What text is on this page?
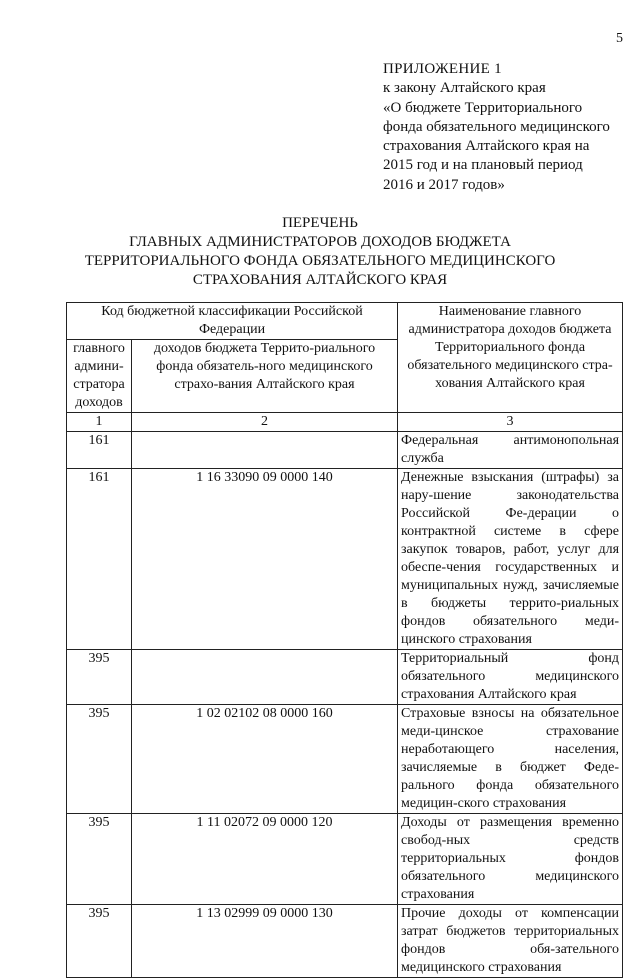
5
ПРИЛОЖЕНИЕ 1
к закону Алтайского края
«О бюджете Территориального
фонда обязательного медицинского
страхования Алтайского края на
2015 год и на плановый период
2016 и 2017 годов»
ПЕРЕЧЕНЬ
ГЛАВНЫХ АДМИНИСТРАТОРОВ ДОХОДОВ БЮДЖЕТА
ТЕРРИТОРИАЛЬНОГО ФОНДА ОБЯЗАТЕЛЬНОГО МЕДИЦИНСКОГО
СТРАХОВАНИЯ АЛТАЙСКОГО КРАЯ
Код бюджетной классификации Российской Федерации		Наименование главного администратора доходов бюджета Территориального фонда обязательного медицинского стра-хования Алтайского края
главного админи-стратора доходов	доходов бюджета Террито-риального фонда обязатель-ного медицинского страхо-вания Алтайского края	
1	2	3
161		Федеральная антимонопольная служба
161	1 16 33090 09 0000 140	Денежные взыскания (штрафы) за нару-шение законодательства Российской Фе-дерации о контрактной системе в сфере закупок товаров, работ, услуг для обеспе-чения государственных и муниципальных нужд, зачисляемые в бюджеты террито-риальных фондов обязательного меди-цинского страхования
395		Территориальный фонд обязательного медицинского страхования Алтайского края
395	1 02 02102 08 0000 160	Страховые взносы на обязательное меди-цинское страхование неработающего населения, зачисляемые в бюджет Феде-рального фонда обязательного медицин-ского страхования
395	1 11 02072 09 0000 120	Доходы от размещения временно свобод-ных средств территориальных фондов обязательного медицинского страхования
395	1 13 02999 09 0000 130	Прочие доходы от компенсации затрат бюджетов территориальных фондов обя-зательного медицинского страхования
